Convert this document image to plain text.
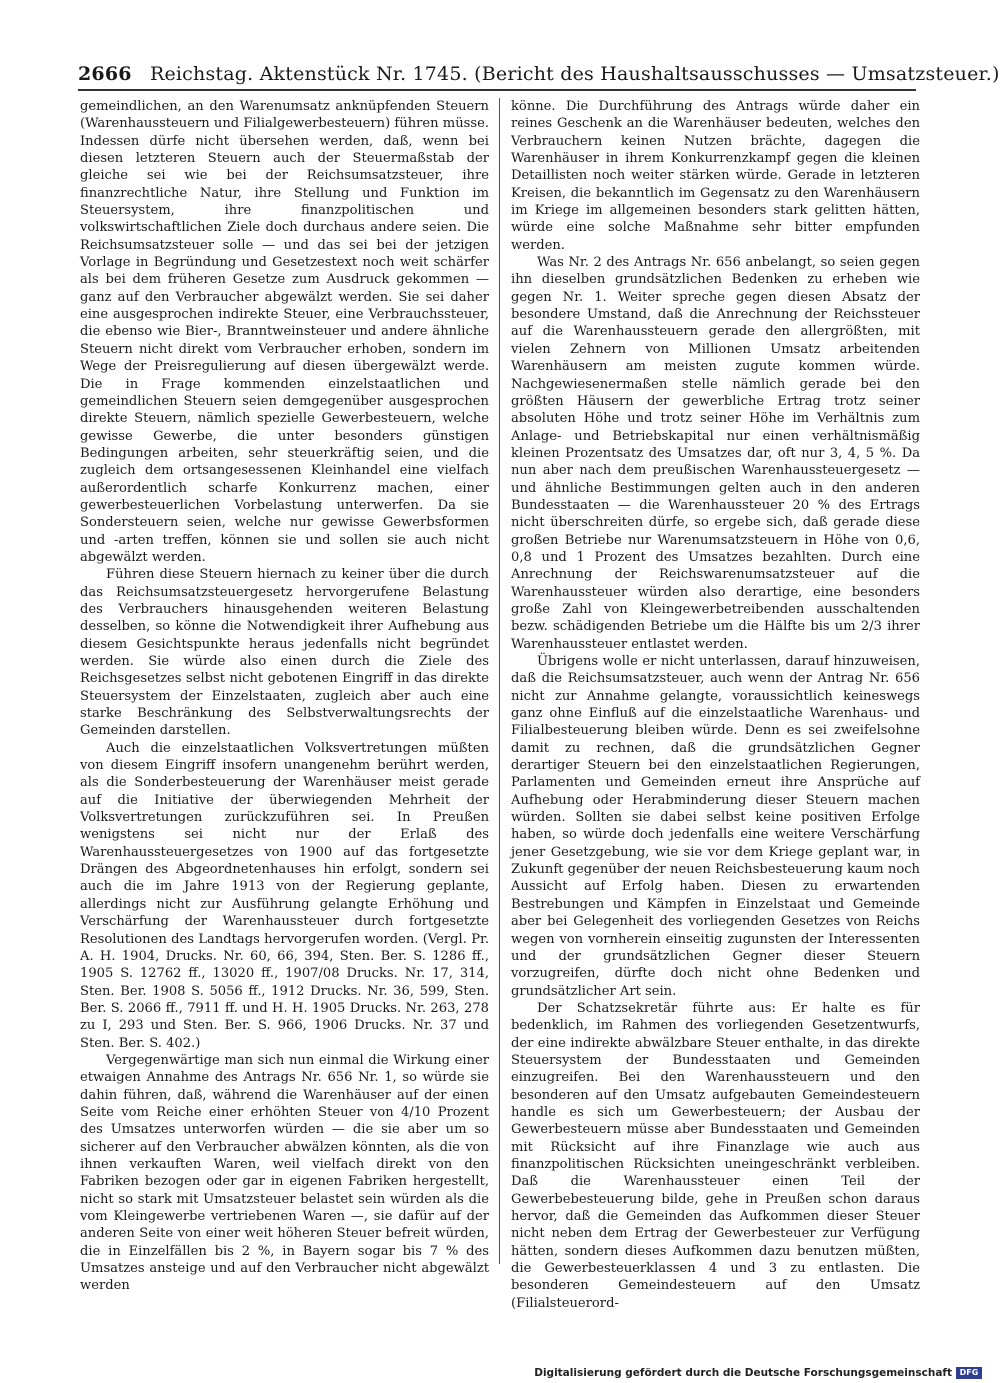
2666 Reichstag. Aktenstück Nr. 1745. (Bericht des Haushaltsausschusses — Umsatzsteuer.)

gemeindlichen, an den Warenumsatz anknüpfenden Steuern (Warenhaussteuern und Filialgewerbesteuern) führen müsse. Indessen dürfe nicht übersehen werden, daß, wenn bei diesen letzteren Steuern auch der Steuermaßstab der gleiche sei wie bei der Reichsumsatzsteuer, ihre finanzrechtliche Natur, ihre Stellung und Funktion im Steuersystem, ihre finanzpolitischen und volkswirtschaftlichen Ziele doch durchaus andere seien. Die Reichsumsatzsteuer solle — und das sei bei der jetzigen Vorlage in Begründung und Gesetzestext noch weit schärfer als bei dem früheren Gesetze zum Ausdruck gekommen — ganz auf den Verbraucher abgewälzt werden. Sie sei daher eine ausgesprochen indirekte Steuer, eine Verbrauchssteuer, die ebenso wie Bier-, Branntweinsteuer und andere ähnliche Steuern nicht direkt vom Verbraucher erhoben, sondern im Wege der Preisregulierung auf diesen übergewälzt werde. Die in Frage kommenden einzelstaatlichen und gemeindlichen Steuern seien demgegenüber ausgesprochen direkte Steuern, nämlich spezielle Gewerbesteuern, welche gewisse Gewerbe, die unter besonders günstigen Bedingungen arbeiten, sehr steuerkräftig seien, und die zugleich dem ortsangesessenen Kleinhandel eine vielfach außerordentlich scharfe Konkurrenz machen, einer gewerbesteuerlichen Vorbelastung unterwerfen. Da sie Sondersteuern seien, welche nur gewisse Gewerbsformen und -arten treffen, können sie und sollen sie auch nicht abgewälzt werden.

Führen diese Steuern hiernach zu keiner über die durch das Reichsumsatzsteuergesetz hervorgerufene Belastung des Verbrauchers hinausgehenden weiteren Belastung desselben, so könne die Notwendigkeit ihrer Aufhebung aus diesem Gesichtspunkte heraus jedenfalls nicht begründet werden. Sie würde also einen durch die Ziele des Reichsgesetzes selbst nicht gebotenen Eingriff in das direkte Steuersystem der Einzelstaaten, zugleich aber auch eine starke Beschränkung des Selbstverwaltungsrechts der Gemeinden darstellen.

Auch die einzelstaatlichen Volksvertretungen müßten von diesem Eingriff insofern unangenehm berührt werden, als die Sonderbesteuerung der Warenhäuser meist gerade auf die Initiative der überwiegenden Mehrheit der Volksvertretungen zurückzuführen sei. In Preußen wenigstens sei nicht nur der Erlaß des Warenhaussteuergesetzes von 1900 auf das fortgesetzte Drängen des Abgeordnetenhauses hin erfolgt, sondern sei auch die im Jahre 1913 von der Regierung geplante, allerdings nicht zur Ausführung gelangte Erhöhung und Verschärfung der Warenhaussteuer durch fortgesetzte Resolutionen des Landtags hervorgerufen worden. (Vergl. Pr. A. H. 1904, Drucks. Nr. 60, 66, 394, Sten. Ber. S. 1286 ff., 1905 S. 12762 ff., 13020 ff., 1907/08 Drucks. Nr. 17, 314, Sten. Ber. 1908 S. 5056 ff., 1912 Drucks. Nr. 36, 599, Sten. Ber. S. 2066 ff., 7911 ff. und H. H. 1905 Drucks. Nr. 263, 278 zu I, 293 und Sten. Ber. S. 966, 1906 Drucks. Nr. 37 und Sten. Ber. S. 402.)

Vergegenwärtige man sich nun einmal die Wirkung einer etwaigen Annahme des Antrags Nr. 656 Nr. 1, so würde sie dahin führen, daß, während die Warenhäuser auf der einen Seite vom Reiche einer erhöhten Steuer von 4/10 Prozent des Umsatzes unterworfen würden — die sie aber um so sicherer auf den Verbraucher abwälzen könnten, als die von ihnen verkauften Waren, weil vielfach direkt von den Fabriken bezogen oder gar in eigenen Fabriken hergestellt, nicht so stark mit Umsatzsteuer belastet sein würden als die vom Kleingewerbe vertriebenen Waren —, sie dafür auf der anderen Seite von einer weit höheren Steuer befreit würden, die in Einzelfällen bis 2 %, in Bayern sogar bis 7 % des Umsatzes ansteige und auf den Verbraucher nicht abgewälzt werden

könne. Die Durchführung des Antrags würde daher ein reines Geschenk an die Warenhäuser bedeuten, welches den Verbrauchern keinen Nutzen brächte, dagegen die Warenhäuser in ihrem Konkurrenzkampf gegen die kleinen Detaillisten noch weiter stärken würde. Gerade in letzteren Kreisen, die bekanntlich im Gegensatz zu den Warenhäusern im Kriege im allgemeinen besonders stark gelitten hätten, würde eine solche Maßnahme sehr bitter empfunden werden.

Was Nr. 2 des Antrags Nr. 656 anbelangt, so seien gegen ihn dieselben grundsätzlichen Bedenken zu erheben wie gegen Nr. 1. Weiter spreche gegen diesen Absatz der besondere Umstand, daß die Anrechnung der Reichssteuer auf die Warenhaussteuern gerade den allergrößten, mit vielen Zehnern von Millionen Umsatz arbeitenden Warenhäusern am meisten zugute kommen würde. Nachgewiesenermaßen stelle nämlich gerade bei den größten Häusern der gewerbliche Ertrag trotz seiner absoluten Höhe und trotz seiner Höhe im Verhältnis zum Anlage- und Betriebskapital nur einen verhältnismäßig kleinen Prozentsatz des Umsatzes dar, oft nur 3, 4, 5 %. Da nun aber nach dem preußischen Warenhaussteuergesetz — und ähnliche Bestimmungen gelten auch in den anderen Bundesstaaten — die Warenhaussteuer 20 % des Ertrags nicht überschreiten dürfe, so ergebe sich, daß gerade diese großen Betriebe nur Warenumsatzsteuern in Höhe von 0,6, 0,8 und 1 Prozent des Umsatzes bezahlten. Durch eine Anrechnung der Reichswarenumsatzsteuer auf die Warenhaussteuer würden also derartige, eine besonders große Zahl von Kleingewerbetreibenden ausschaltenden bezw. schädigenden Betriebe um die Hälfte bis um 2/3 ihrer Warenhaussteuer entlastet werden.

Übrigens wolle er nicht unterlassen, darauf hinzuweisen, daß die Reichsumsatzsteuer, auch wenn der Antrag Nr. 656 nicht zur Annahme gelangte, voraussichtlich keineswegs ganz ohne Einfluß auf die einzelstaatliche Warenhaus- und Filialbesteuerung bleiben würde. Denn es sei zweifelsohne damit zu rechnen, daß die grundsätzlichen Gegner derartiger Steuern bei den einzelstaatlichen Regierungen, Parlamenten und Gemeinden erneut ihre Ansprüche auf Aufhebung oder Herabminderung dieser Steuern machen würden. Sollten sie dabei selbst keine positiven Erfolge haben, so würde doch jedenfalls eine weitere Verschärfung jener Gesetzgebung, wie sie vor dem Kriege geplant war, in Zukunft gegenüber der neuen Reichsbesteuerung kaum noch Aussicht auf Erfolg haben. Diesen zu erwartenden Bestrebungen und Kämpfen in Einzelstaat und Gemeinde aber bei Gelegenheit des vorliegenden Gesetzes von Reichs wegen von vornherein einseitig zugunsten der Interessenten und der grundsätzlichen Gegner dieser Steuern vorzugreifen, dürfte doch nicht ohne Bedenken und grundsätzlicher Art sein.

Der Schatzsekretär führte aus: Er halte es für bedenklich, im Rahmen des vorliegenden Gesetzentwurfs, der eine indirekte abwälzbare Steuer enthalte, in das direkte Steuersystem der Bundesstaaten und Gemeinden einzugreifen. Bei den Warenhaussteuern und den besonderen auf den Umsatz aufgebauten Gemeindesteuern handle es sich um Gewerbesteuern; der Ausbau der Gewerbesteuern müsse aber Bundesstaaten und Gemeinden mit Rücksicht auf ihre Finanzlage wie auch aus finanzpolitischen Rücksichten uneingeschränkt verbleiben. Daß die Warenhaussteuer einen Teil der Gewerbebesteuerung bilde, gehe in Preußen schon daraus hervor, daß die Gemeinden das Aufkommen dieser Steuer nicht neben dem Ertrag der Gewerbesteuer zur Verfügung hätten, sondern dieses Aufkommen dazu benutzen müßten, die Gewerbesteuerklassen 4 und 3 zu entlasten. Die besonderen Gemeindesteuern auf den Umsatz (Filialsteuerord-

Digitalisierung gefördert durch die Deutsche Forschungsgemeinschaft DFG
